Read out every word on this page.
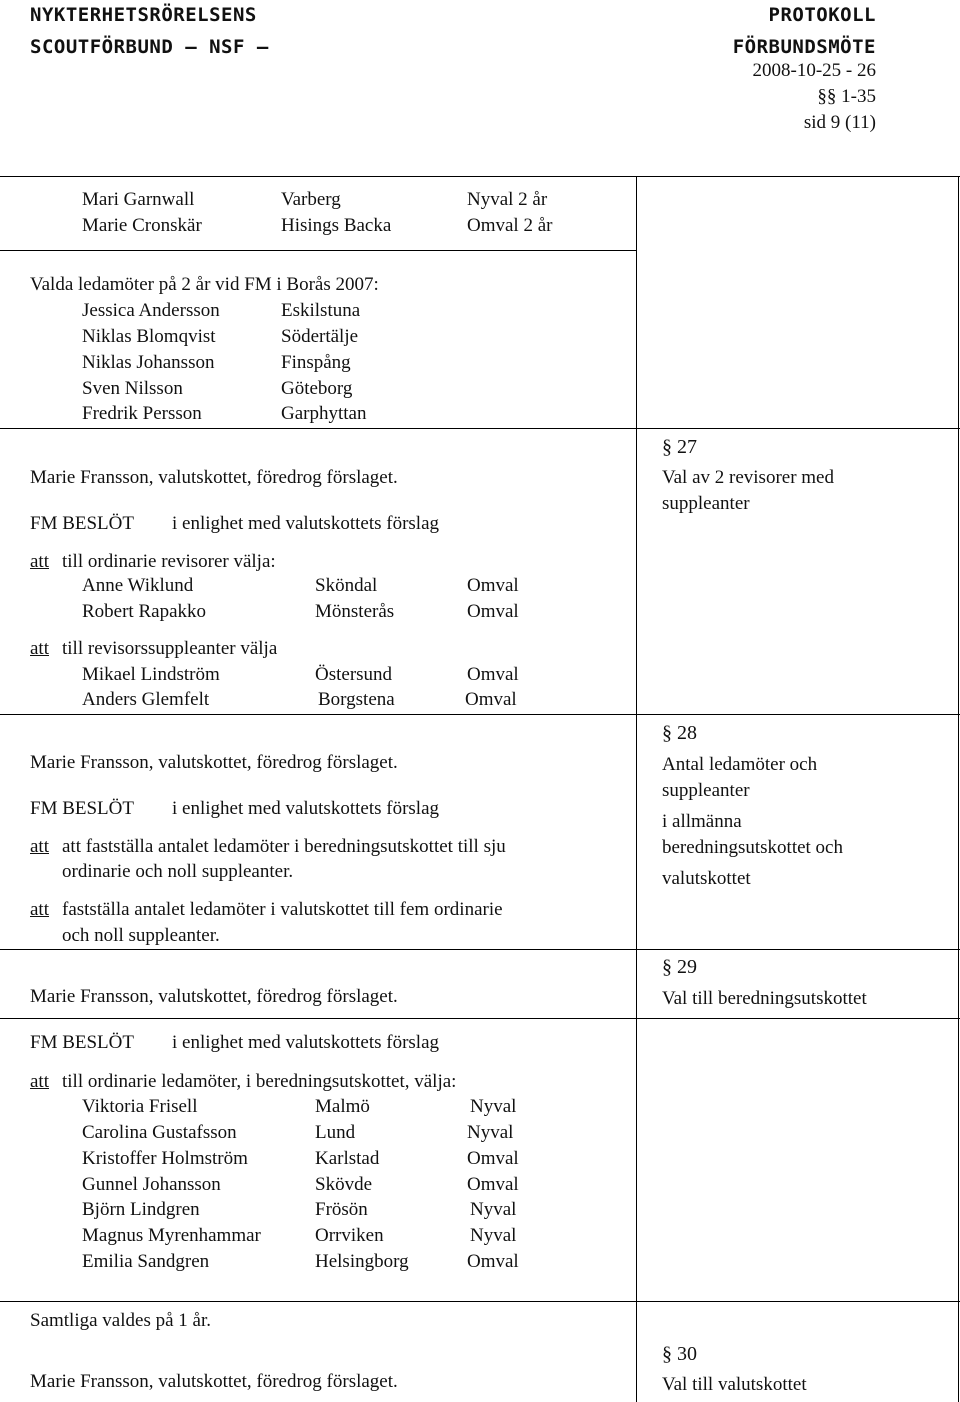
NYKTERHETSRÖRELSENS
SCOUTFÖRBUND – NSF –
PROTOKOLL
FÖRBUNDSMÖTE
2008-10-25 - 26
§§ 1-35
sid 9 (11)
Mari Garnwall	Varberg	Nyval 2 år
Marie Cronskär	Hisings Backa	Omval 2 år
Valda ledamöter på 2 år vid FM i Borås 2007:
Jessica Andersson	Eskilstuna
Niklas Blomqvist	Södertälje
Niklas Johansson	Finspång
Sven Nilsson	Göteborg
Fredrik Persson	Garphyttan
Marie Fransson, valutskottet, föredrog förslaget.
FM BESLÖT i enlighet med valutskottets förslag
att till ordinarie revisorer välja:
Anne Wiklund	Sköndal	Omval
Robert Rapakko	Mönsterås	Omval
att till revisorssuppleanter välja
Mikael Lindström	Östersund	Omval
Anders Glemfelt	Borgstena	Omval
§ 27
Val av 2 revisorer med
suppleanter
Marie Fransson, valutskottet, föredrog förslaget.
FM BESLÖT i enlighet med valutskottets förslag
att att fastställa antalet ledamöter i beredningsutskottet till sju
ordinarie och noll suppleanter.
att fastställa antalet ledamöter i valutskottet till fem ordinarie
och noll suppleanter.
§ 28
Antal ledamöter och
suppleanter
i allmänna
beredningsutskottet och
valutskottet
Marie Fransson, valutskottet, föredrog förslaget.
FM BESLÖT i enlighet med valutskottets förslag
att till ordinarie ledamöter, i beredningsutskottet, välja:
Viktoria Frisell	Malmö	Nyval
Carolina Gustafsson	Lund	Nyval
Kristoffer Holmström	Karlstad	Omval
Gunnel Johansson	Skövde	Omval
Björn Lindgren	Frösön	Nyval
Magnus Myrenhammar	Orrviken	Nyval
Emilia Sandgren	Helsingborg	Omval
Samtliga valdes på 1 år.
§ 29
Val till beredningsutskottet
Marie Fransson, valutskottet, föredrog förslaget.
§ 30
Val till valutskottet
